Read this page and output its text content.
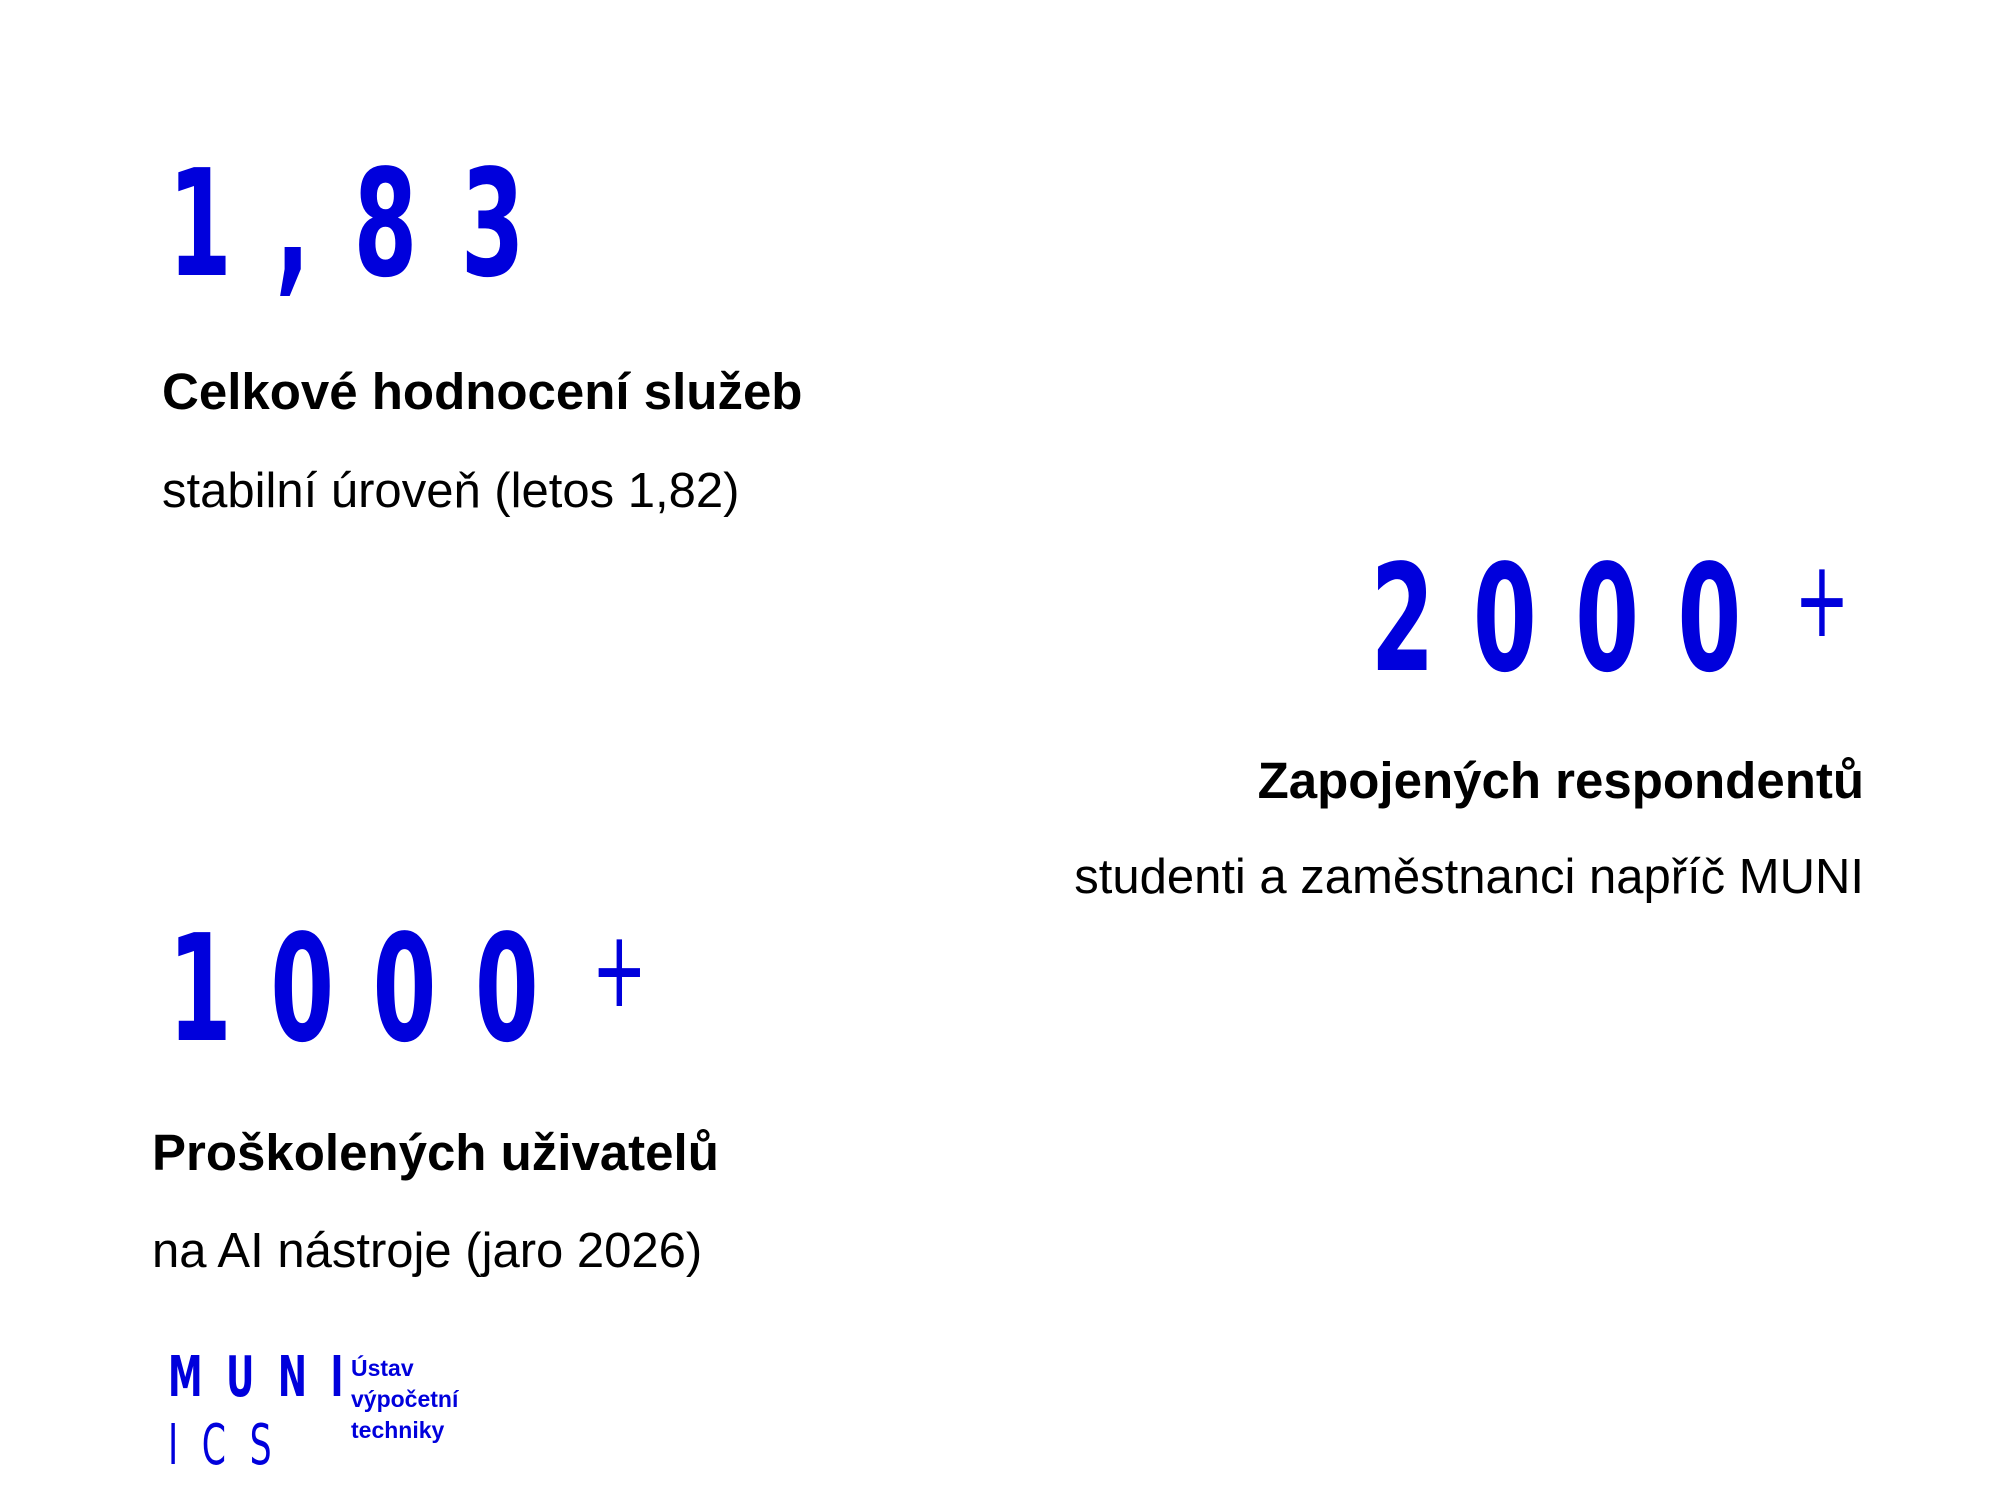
1,83
Celkové hodnocení služeb
stabilní úroveň (letos 1,82)
2000 +
Zapojených respondentů
studenti a zaměstnanci napříč MUNI
1000 +
Proškolených uživatelů
na AI nástroje (jaro 2026)
MUNI
ICS
Ústav
výpočetní
techniky
